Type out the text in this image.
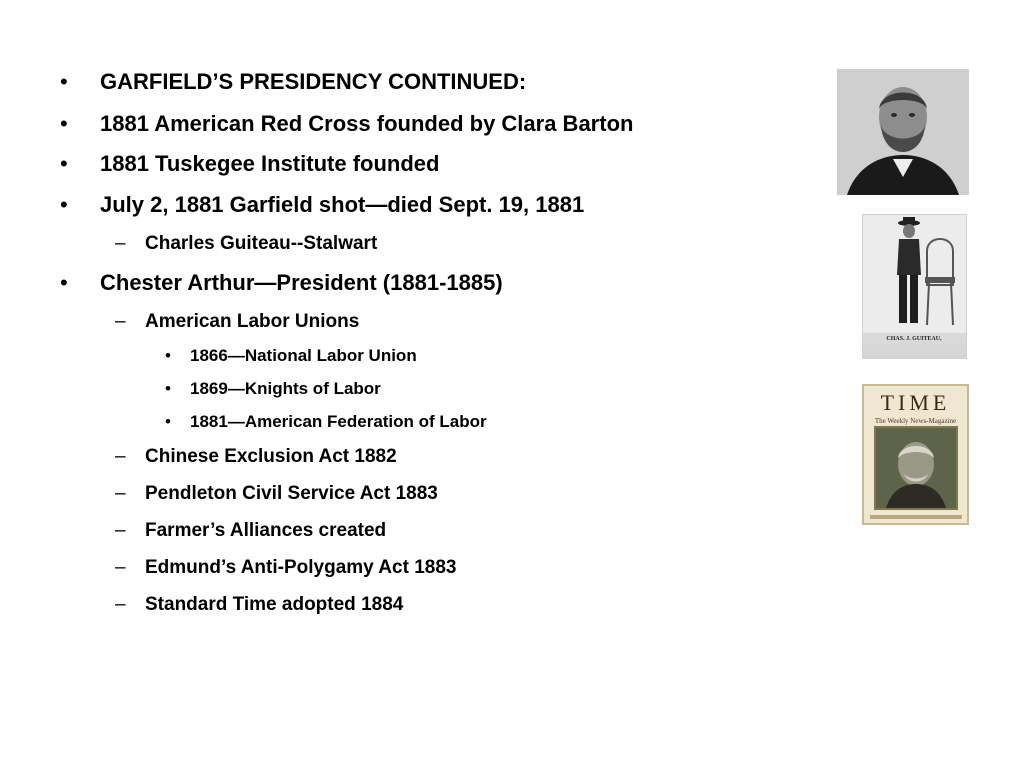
• GARFIELD’S PRESIDENCY CONTINUED:
• 1881 American Red Cross founded by Clara Barton
• 1881 Tuskegee Institute founded
• July 2, 1881 Garfield shot—died Sept. 19, 1881
– Charles Guiteau--Stalwart
• Chester Arthur—President (1881-1885)
– American Labor Unions
• 1866—National Labor Union
• 1869—Knights of Labor
• 1881—American Federation of Labor
– Chinese Exclusion Act 1882
– Pendleton Civil Service Act 1883
– Farmer’s Alliances created
– Edmund’s Anti-Polygamy Act 1883
– Standard Time adopted 1884
CHAS. J. GUITEAU,
TIME
The Weekly News-Magazine
